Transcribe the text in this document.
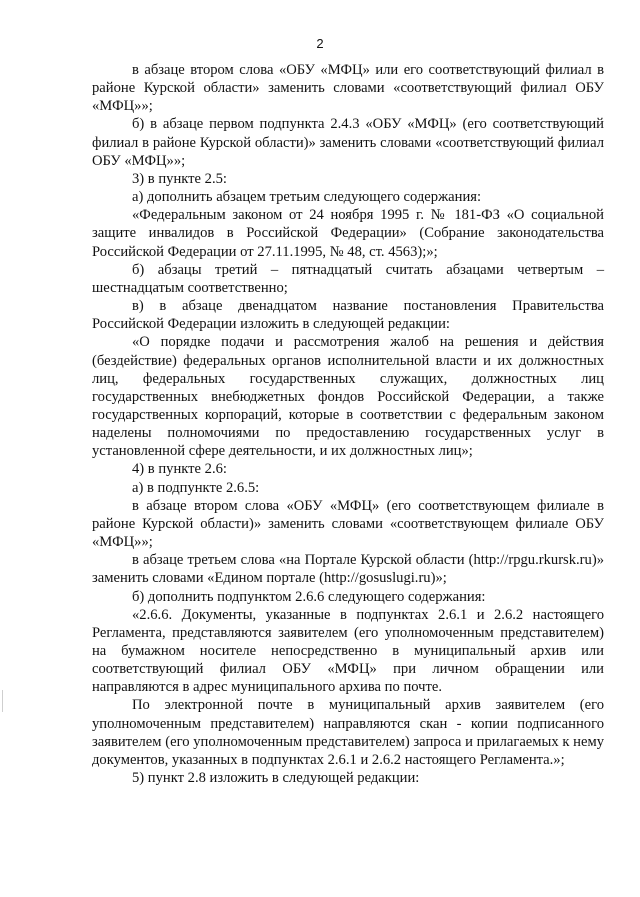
2

в абзаце втором слова «ОБУ «МФЦ» или его соответствующий филиал в районе Курской области» заменить словами «соответствующий филиал ОБУ «МФЦ»»;

б) в абзаце первом подпункта 2.4.3 «ОБУ «МФЦ» (его соответствующий филиал в районе Курской области)» заменить словами «соответствующий филиал ОБУ «МФЦ»»;

3) в пункте 2.5:

а) дополнить абзацем третьим следующего содержания:

«Федеральным законом от 24 ноября 1995 г. № 181-ФЗ «О социальной защите инвалидов в Российской Федерации» (Собрание законодательства Российской Федерации от 27.11.1995, № 48, ст. 4563);»;

б) абзацы третий – пятнадцатый считать абзацами четвертым – шестнадцатым соответственно;

в) в абзаце двенадцатом название постановления Правительства Российской Федерации изложить в следующей редакции:

«О порядке подачи и рассмотрения жалоб на решения и действия (бездействие) федеральных органов исполнительной власти и их должностных лиц, федеральных государственных служащих, должностных лиц государственных внебюджетных фондов Российской Федерации, а также государственных корпораций, которые в соответствии с федеральным законом наделены полномочиями по предоставлению государственных услуг в установленной сфере деятельности, и их должностных лиц»;

4) в пункте 2.6:

а) в подпункте 2.6.5:

в абзаце втором слова «ОБУ «МФЦ» (его соответствующем филиале в районе Курской области)» заменить словами «соответствующем филиале ОБУ «МФЦ»»;

в абзаце третьем слова «на Порталe Курской области (http://rpgu.rkursk.ru)» заменить словами «Едином портале (http://gosuslugi.ru)»;

б) дополнить подпунктом 2.6.6 следующего содержания:

«2.6.6. Документы, указанные в подпунктах 2.6.1 и 2.6.2 настоящего Регламента, представляются заявителем (его уполномоченным представителем) на бумажном носителе непосредственно в муниципальный архив или соответствующий филиал ОБУ «МФЦ» при личном обращении или направляются в адрес муниципального архива по почте.

По электронной почте в муниципальный архив заявителем (его уполномоченным представителем) направляются скан - копии подписанного заявителем (его уполномоченным представителем) запроса и прилагаемых к нему документов, указанных в подпунктах 2.6.1 и 2.6.2 настоящего Регламента.»;

5) пункт 2.8 изложить в следующей редакции:
